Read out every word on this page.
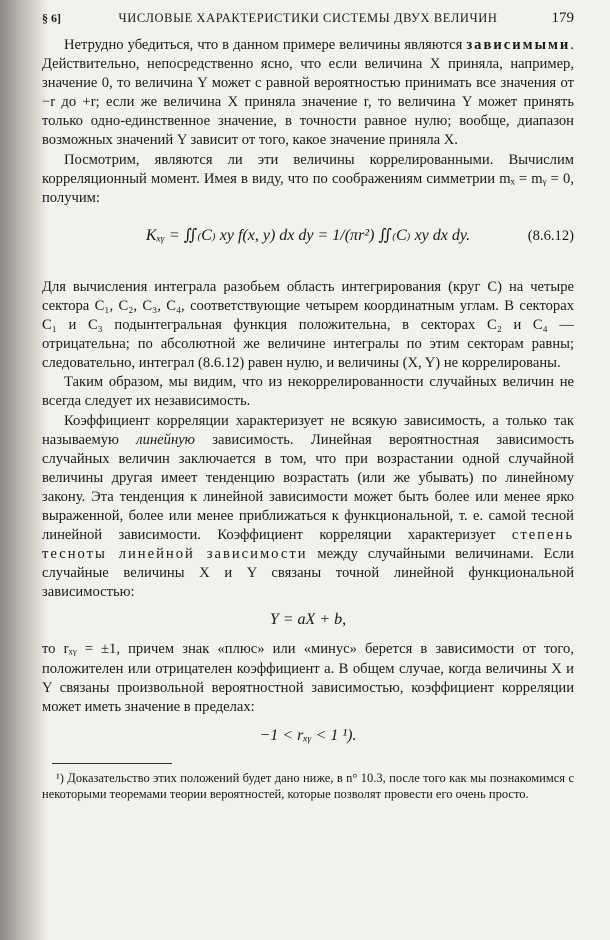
§ 6]	ЧИСЛОВЫЕ ХАРАКТЕРИСТИКИ СИСТЕМЫ ДВУХ ВЕЛИЧИН	179

Нетрудно убедиться, что в данном примере величины являются зависимыми. Действительно, непосредственно ясно, что если величина X приняла, например, значение 0, то величина Y может с равной вероятностью принимать все значения от −r до +r; если же величина X приняла значение r, то величина Y может принять только одно-единственное значение, в точности равное нулю; вообще, диапазон возможных значений Y зависит от того, какое значение приняла X.

Посмотрим, являются ли эти величины коррелированными. Вычислим корреляционный момент. Имея в виду, что по соображениям симметрии mₓ = mᵧ = 0, получим:

Kₓᵧ = ∬₍C₎ xy f(x, y) dx dy = 1/(πr²) ∬₍C₎ xy dx dy.	(8.6.12)

Для вычисления интеграла разобьем область интегрирования (круг C) на четыре сектора C₁, C₂, C₃, C₄, соответствующие четырем координатным углам. В секторах C₁ и C₃ подынтегральная функция положительна, в секторах C₂ и C₄ — отрицательна; по абсолютной же величине интегралы по этим секторам равны; следовательно, интеграл (8.6.12) равен нулю, и величины (X, Y) не коррелированы.

Таким образом, мы видим, что из некоррелированности случайных величин не всегда следует их независимость.

Коэффициент корреляции характеризует не всякую зависимость, а только так называемую линейную зависимость. Линейная вероятностная зависимость случайных величин заключается в том, что при возрастании одной случайной величины другая имеет тенденцию возрастать (или же убывать) по линейному закону. Эта тенденция к линейной зависимости может быть более или менее ярко выраженной, более или менее приближаться к функциональной, т. е. самой тесной линейной зависимости. Коэффициент корреляции характеризует степень тесноты линейной зависимости между случайными величинами. Если случайные величины X и Y связаны точной линейной функциональной зависимостью:

Y = aX + b,

то rₓᵧ = ±1, причем знак «плюс» или «минус» берется в зависимости от того, положителен или отрицателен коэффициент a. В общем случае, когда величины X и Y связаны произвольной вероятностной зависимостью, коэффициент корреляции может иметь значение в пределах:

−1 < rₓᵧ < 1 ¹).

¹) Доказательство этих положений будет дано ниже, в n° 10.3, после того как мы познакомимся с некоторыми теоремами теории вероятностей, которые позволят провести его очень просто.
